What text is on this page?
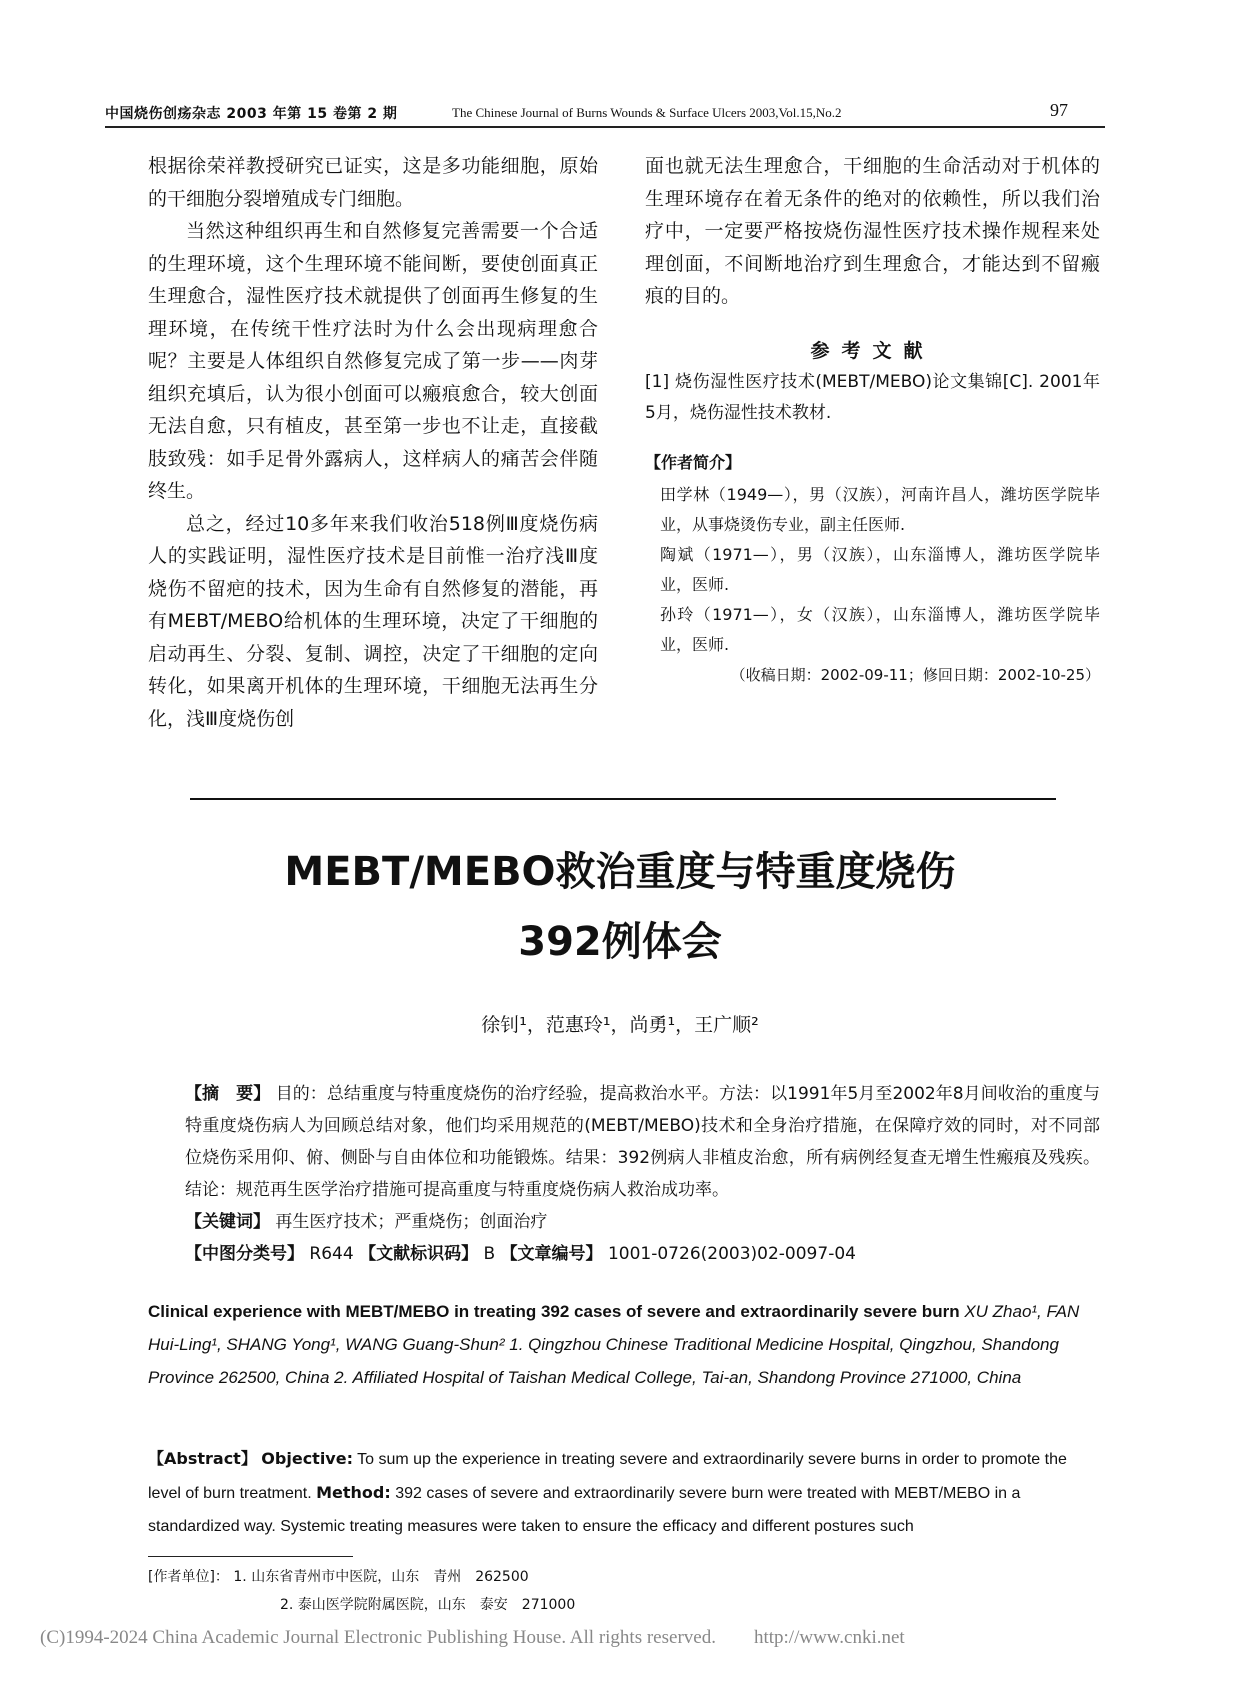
中国烧伤创疡杂志 2003 年第 15 卷第 2 期	The Chinese Journal of Burns Wounds & Surface Ulcers 2003,Vol.15,No.2	97

根据徐荣祥教授研究已证实，这是多功能细胞，原始的干细胞分裂增殖成专门细胞。

当然这种组织再生和自然修复完善需要一个合适的生理环境，这个生理环境不能间断，要使创面真正生理愈合，湿性医疗技术就提供了创面再生修复的生理环境，在传统干性疗法时为什么会出现病理愈合呢？主要是人体组织自然修复完成了第一步——肉芽组织充填后，认为很小创面可以瘢痕愈合，较大创面无法自愈，只有植皮，甚至第一步也不让走，直接截肢致残：如手足骨外露病人，这样病人的痛苦会伴随终生。

总之，经过10多年来我们收治518例Ⅲ度烧伤病人的实践证明，湿性医疗技术是目前惟一治疗浅Ⅲ度烧伤不留疤的技术，因为生命有自然修复的潜能，再有MEBT/MEBO给机体的生理环境，决定了干细胞的启动再生、分裂、复制、调控，决定了干细胞的定向转化，如果离开机体的生理环境，干细胞无法再生分化，浅Ⅲ度烧伤创

面也就无法生理愈合，干细胞的生命活动对于机体的生理环境存在着无条件的绝对的依赖性，所以我们治疗中，一定要严格按烧伤湿性医疗技术操作规程来处理创面，不间断地治疗到生理愈合，才能达到不留瘢痕的目的。

参考文献

[1] 烧伤湿性医疗技术(MEBT/MEBO)论文集锦[C]. 2001年5月，烧伤湿性技术教材.

【作者简介】

田学林（1949—），男（汉族），河南许昌人，潍坊医学院毕业，从事烧烫伤专业，副主任医师.

陶斌（1971—），男（汉族），山东淄博人，潍坊医学院毕业，医师.

孙玲（1971—），女（汉族），山东淄博人，潍坊医学院毕业，医师.

（收稿日期：2002-09-11；修回日期：2002-10-25）

MEBT/MEBO救治重度与特重度烧伤
392例体会
徐钊¹，范惠玲¹，尚勇¹，王广顺²

【摘　要】 目的：总结重度与特重度烧伤的治疗经验，提高救治水平。方法：以1991年5月至2002年8月间收治的重度与特重度烧伤病人为回顾总结对象，他们均采用规范的(MEBT/MEBO)技术和全身治疗措施，在保障疗效的同时，对不同部位烧伤采用仰、俯、侧卧与自由体位和功能锻炼。结果：392例病人非植皮治愈，所有病例经复查无增生性瘢痕及残疾。结论：规范再生医学治疗措施可提高重度与特重度烧伤病人救治成功率。

【关键词】 再生医疗技术；严重烧伤；创面治疗

【中图分类号】 R644 【文献标识码】 B 【文章编号】 1001-0726(2003)02-0097-04

Clinical experience with MEBT/MEBO in treating 392 cases of severe and extraordinarily severe burn XU Zhao¹, FAN Hui-Ling¹, SHANG Yong¹, WANG Guang-Shun² 1. Qingzhou Chinese Traditional Medicine Hospital, Qingzhou, Shandong Province 262500, China 2. Affiliated Hospital of Taishan Medical College, Tai-an, Shandong Province 271000, China
【Abstract】 Objective: To sum up the experience in treating severe and extraordinarily severe burns in order to promote the level of burn treatment. Method: 392 cases of severe and extraordinarily severe burn were treated with MEBT/MEBO in a standardized way. Systemic treating measures were taken to ensure the efficacy and different postures such
[作者单位]： 1. 山东省青州市中医院，山东　青州　262500
2. 泰山医学院附属医院，山东　泰安　271000
(C)1994-2024 China Academic Journal Electronic Publishing House. All rights reserved.　　http://www.cnki.net
